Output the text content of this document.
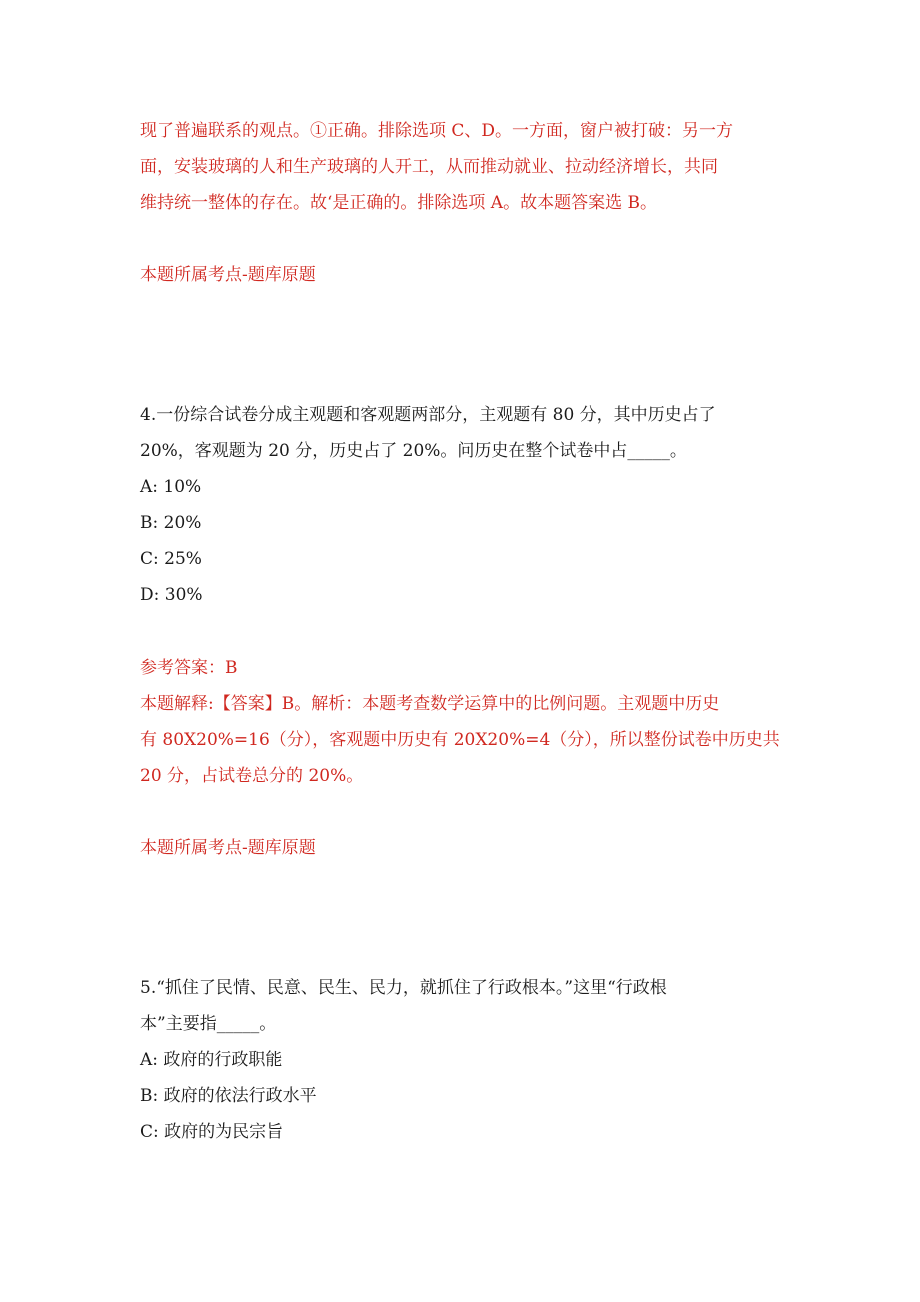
现了普遍联系的观点。①正确。排除选项 C、D。一方面，窗户被打破：另一方
面，安装玻璃的人和生产玻璃的人开工，从而推动就业、拉动经济增长，共同
维持统一整体的存在。故‘是正确的。排除选项 A。故本题答案选 B。
本题所属考点-题库原题
4.一份综合试卷分成主观题和客观题两部分，主观题有 80 分，其中历史占了
20%，客观题为 20 分，历史占了 20%。问历史在整个试卷中占_____。
A: 10%
B: 20%
C: 25%
D: 30%
参考答案：B
本题解释:【答案】B。解析：本题考查数学运算中的比例问题。主观题中历史
有 80X20%=16（分），客观题中历史有 20X20%=4（分），所以整份试卷中历史共
20 分，占试卷总分的 20%。
本题所属考点-题库原题
5.“抓住了民情、民意、民生、民力，就抓住了行政根本。”这里“行政根
本”主要指_____。
A: 政府的行政职能
B: 政府的依法行政水平
C: 政府的为民宗旨
